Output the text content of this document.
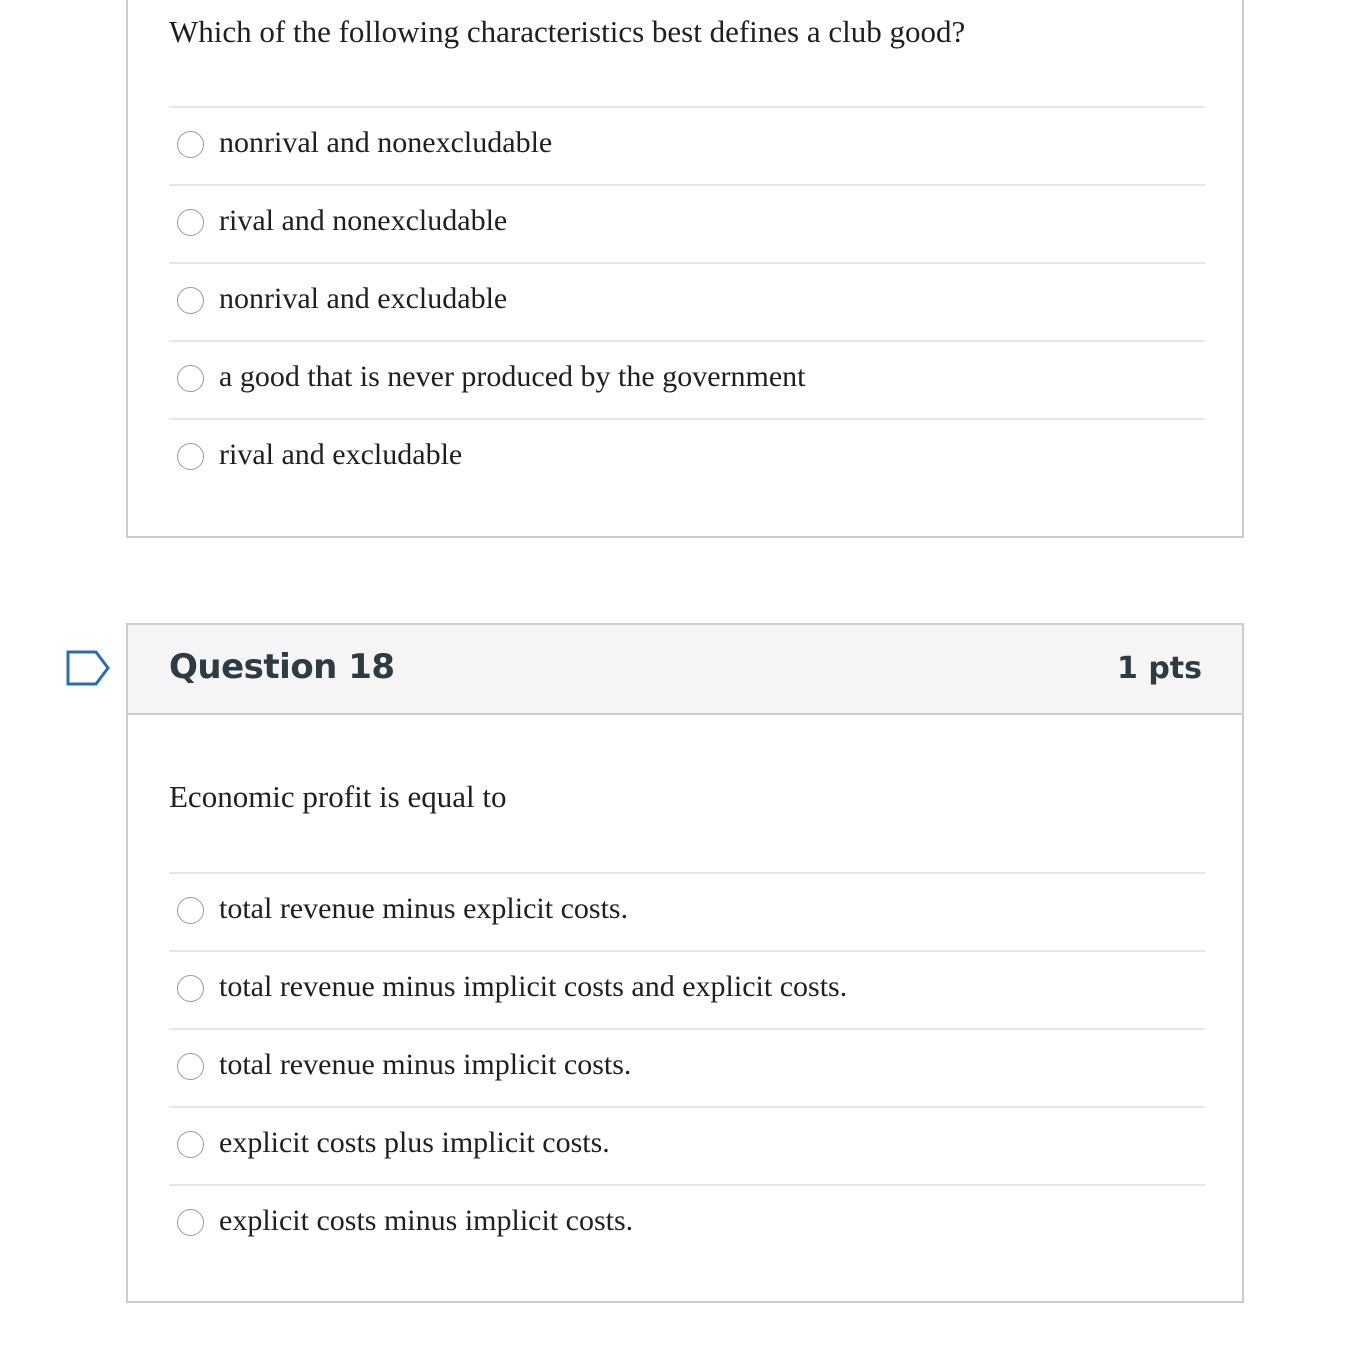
Which of the following characteristics best defines a club good?
nonrival and nonexcludable
rival and nonexcludable
nonrival and excludable
a good that is never produced by the government
rival and excludable
Question 18	1 pts
Economic profit is equal to
total revenue minus explicit costs.
total revenue minus implicit costs and explicit costs.
total revenue minus implicit costs.
explicit costs plus implicit costs.
explicit costs minus implicit costs.
